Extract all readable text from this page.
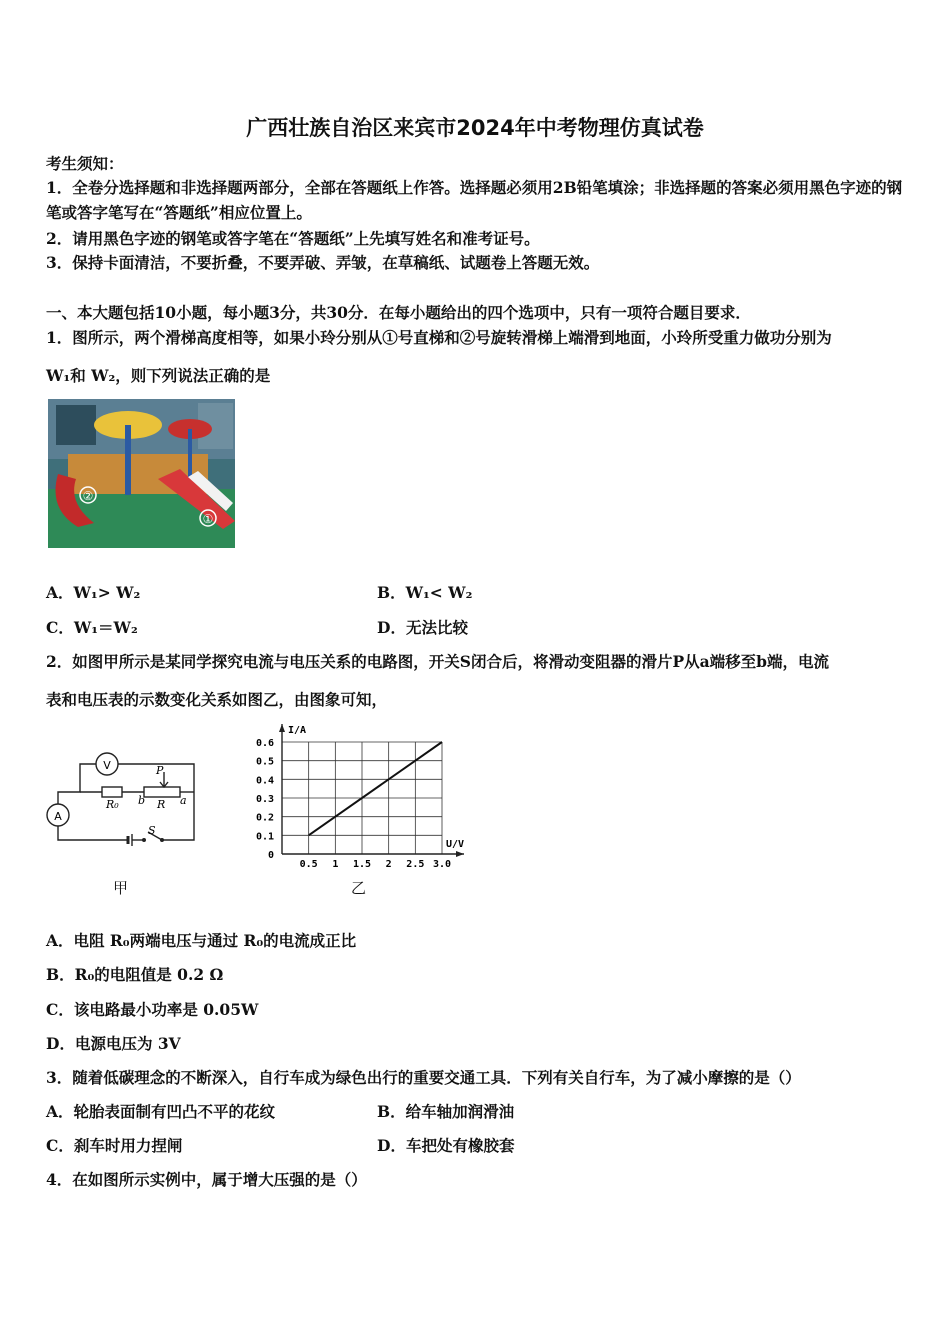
广西壮族自治区来宾市2024年中考物理仿真试卷
考生须知：
1．全卷分选择题和非选择题两部分，全部在答题纸上作答。选择题必须用2B铅笔填涂；非选择题的答案必须用黑色字迹的钢笔或答字笔写在“答题纸”相应位置上。
2．请用黑色字迹的钢笔或答字笔在“答题纸”上先填写姓名和准考证号。
3．保持卡面清洁，不要折叠，不要弄破、弄皱，在草稿纸、试题卷上答题无效。
一、本大题包括10小题，每小题3分，共30分．在每小题给出的四个选项中，只有一项符合题目要求．
1．图所示，两个滑梯高度相等，如果小玲分别从①号直梯和②号旋转滑梯上端滑到地面，小玲所受重力做功分别为
W₁和 W₂，则下列说法正确的是
②
①
A．W₁> W₂	B．W₁< W₂
C．W₁＝W₂	D．无法比较
2．如图甲所示是某同学探究电流与电压关系的电路图，开关S闭合后，将滑动变阻器的滑片P从a端移至b端，电流
表和电压表的示数变化关系如图乙，由图象可知，
V
A
R₀	R
P
b	a
S
I/A
U/V
0.5 1 1.5 2 2.5 3.0
0
0.1
0.2
0.3
0.4
0.5
0.6
甲	乙
A．电阻 R₀两端电压与通过 R₀的电流成正比
B．R₀的电阻值是 0.2 Ω
C．该电路最小功率是 0.05W
D．电源电压为 3V
3．随着低碳理念的不断深入，自行车成为绿色出行的重要交通工具．下列有关自行车，为了减小摩擦的是（）
A．轮胎表面制有凹凸不平的花纹	B．给车轴加润滑油
C．刹车时用力捏闸	D．车把处有橡胶套
4．在如图所示实例中，属于增大压强的是（）
